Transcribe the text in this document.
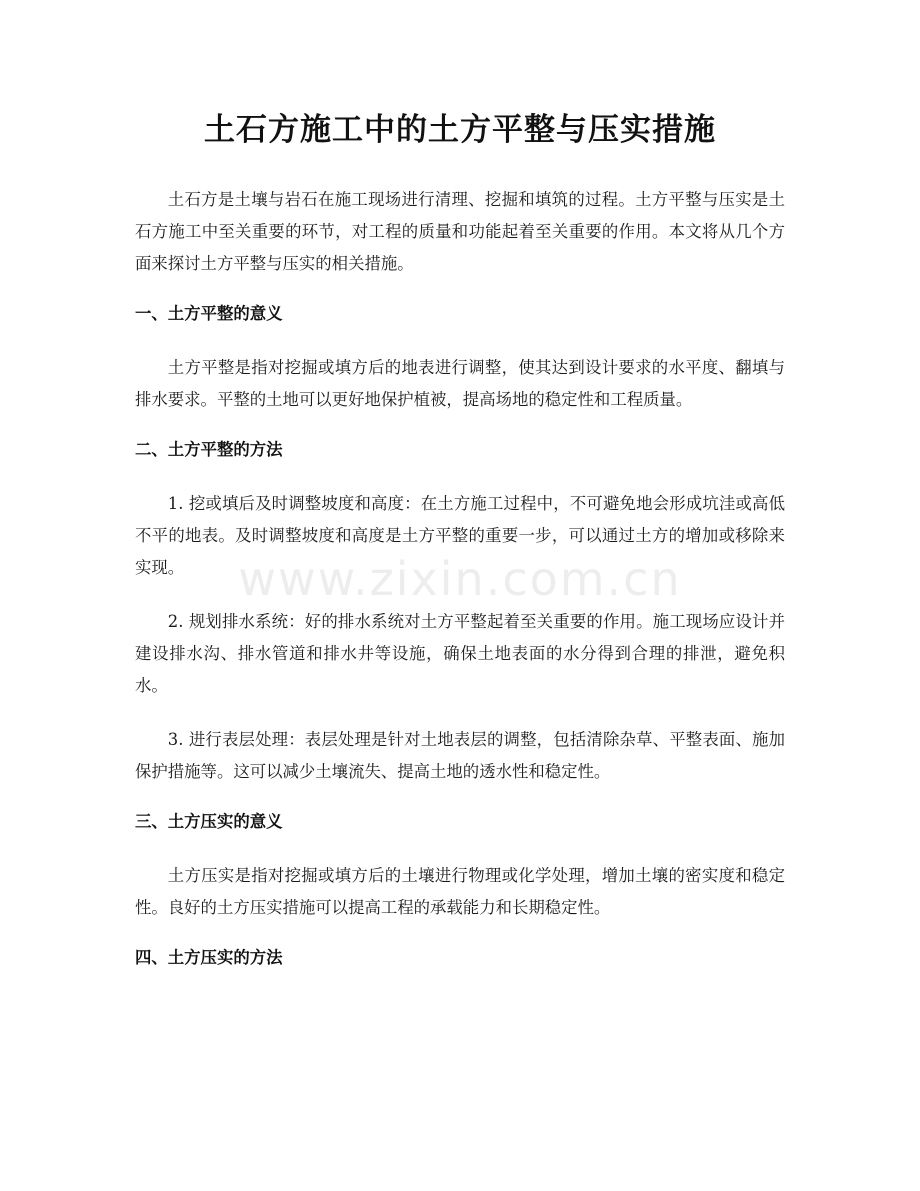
www.zixin.com.cn
土石方施工中的土方平整与压实措施

土石方是土壤与岩石在施工现场进行清理、挖掘和填筑的过程。土方平整与压实是土石方施工中至关重要的环节，对工程的质量和功能起着至关重要的作用。本文将从几个方面来探讨土方平整与压实的相关措施。

一、土方平整的意义

土方平整是指对挖掘或填方后的地表进行调整，使其达到设计要求的水平度、翻填与排水要求。平整的土地可以更好地保护植被，提高场地的稳定性和工程质量。

二、土方平整的方法

1. 挖或填后及时调整坡度和高度：在土方施工过程中，不可避免地会形成坑洼或高低不平的地表。及时调整坡度和高度是土方平整的重要一步，可以通过土方的增加或移除来实现。

2. 规划排水系统：好的排水系统对土方平整起着至关重要的作用。施工现场应设计并建设排水沟、排水管道和排水井等设施，确保土地表面的水分得到合理的排泄，避免积水。

3. 进行表层处理：表层处理是针对土地表层的调整，包括清除杂草、平整表面、施加保护措施等。这可以减少土壤流失、提高土地的透水性和稳定性。

三、土方压实的意义

土方压实是指对挖掘或填方后的土壤进行物理或化学处理，增加土壤的密实度和稳定性。良好的土方压实措施可以提高工程的承载能力和长期稳定性。

四、土方压实的方法
